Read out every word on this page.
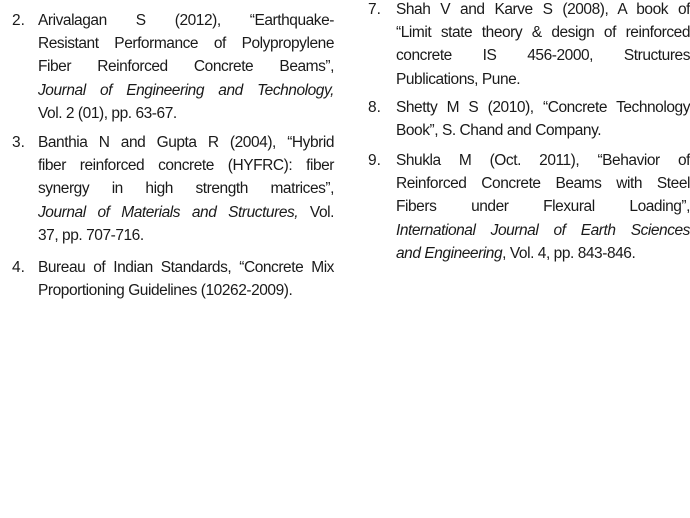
2. Arivalagan S (2012), “Earthquake-
Resistant Performance of Polypropylene
Fiber Reinforced Concrete Beams”,
Journal of Engineering and Technology,
Vol. 2 (01), pp. 63-67.
3. Banthia N and Gupta R (2004), “Hybrid
fiber reinforced concrete (HYFRC): fiber
synergy in high strength matrices”,
Journal of Materials and Structures, Vol.
37, pp. 707-716.
4. Bureau of Indian Standards, “Concrete Mix
Proportioning Guidelines (10262-2009).
7. Shah V and Karve S (2008), A book of
“Limit state theory & design of reinforced
concrete IS 456-2000, Structures
Publications, Pune.
8. Shetty M S (2010), “Concrete Technology
Book”, S. Chand and Company.
9. Shukla M (Oct. 2011), “Behavior of
Reinforced Concrete Beams with Steel
Fibers under Flexural Loading”,
International Journal of Earth Sciences
and Engineering, Vol. 4, pp. 843-846.
